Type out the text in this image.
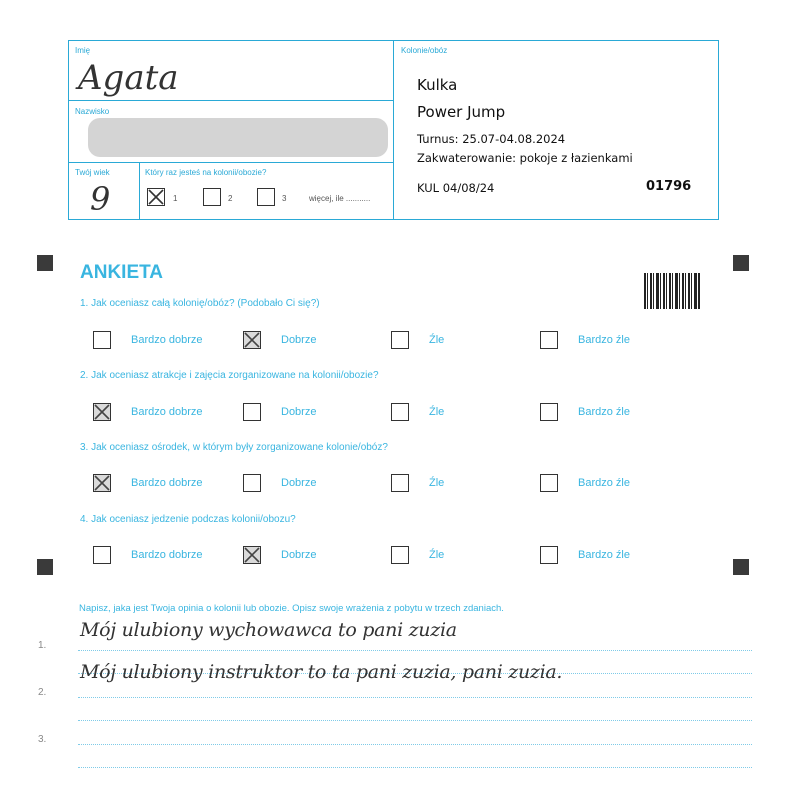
Imię
Agata
Nazwisko
Twój wiek
9
Który raz jesteś na kolonii/obozie?
1	2	3	więcej, ile ...........
Kolonie/obóz
Kulka
Power Jump
Turnus: 25.07-04.08.2024
Zakwaterowanie: pokoje z łazienkami
KUL 04/08/24	01796
ANKIETA
1. Jak oceniasz całą kolonię/obóz? (Podobało Ci się?)
2. Jak oceniasz atrakcje i zajęcia zorganizowane na kolonii/obozie?
3. Jak oceniasz ośrodek, w którym były zorganizowane kolonie/obóz?
4. Jak oceniasz jedzenie podczas kolonii/obozu?
Bardzo dobrze	Dobrze	Źle	Bardzo źle
Bardzo dobrze	Dobrze	Źle	Bardzo źle
Bardzo dobrze	Dobrze	Źle	Bardzo źle
Bardzo dobrze	Dobrze	Źle	Bardzo źle
Napisz, jaka jest Twoja opinia o kolonii lub obozie. Opisz swoje wrażenia z pobytu w trzech zdaniach.
1.
2.
3.
Mój ulubiony wychowawca to pani zuzia
Mój ulubiony instruktor to ta pani zuzia, pani zuzia.
